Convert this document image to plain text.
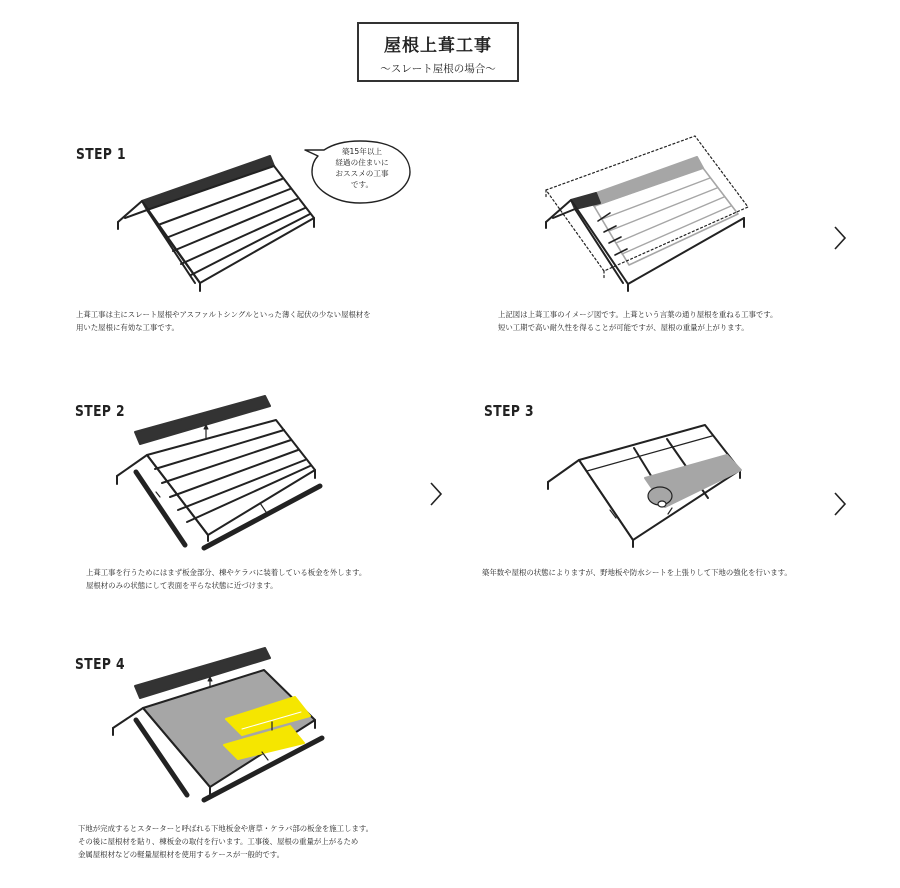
屋根上葺工事
〜スレート屋根の場合〜
STEP 1
STEP 2	STEP 3
STEP 4
築15年以上
経過の住まいに
おススメの工事
です。
上葺工事は主にスレート屋根やアスファルトシングルといった薄く起伏の少ない屋根材を
用いた屋根に有効な工事です。
上記図は上葺工事のイメージ図です。上葺という言葉の通り屋根を重ねる工事です。
短い工期で高い耐久性を得ることが可能ですが、屋根の重量が上がります。
上葺工事を行うためにはまず板金部分、棟やケラバに装着している板金を外します。
屋根材のみの状態にして表面を平らな状態に近づけます。
築年数や屋根の状態によりますが、野地板や防水シートを上張りして下地の強化を行います。
下地が完成するとスターターと呼ばれる下地板金や唐草・ケラバ部の板金を施工します。
その後に屋根材を貼り、棟板金の取付を行います。工事後、屋根の重量が上がるため
金属屋根材などの軽量屋根材を使用するケースが一般的です。
